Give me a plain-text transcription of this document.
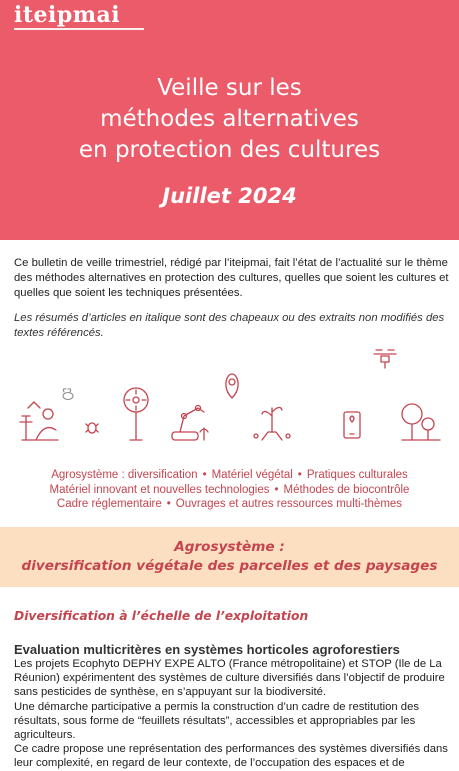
iteipmai
Veille sur les
méthodes alternatives
en protection des cultures
Juillet 2024
Ce bulletin de veille trimestriel, rédigé par l’iteipmai, fait l’état de l’actualité sur le thème des méthodes alternatives en protection des cultures, quelles que soient les cultures et quelles que soient les techniques présentées.
Les résumés d’articles en italique sont des chapeaux ou des extraits non modifiés des textes référencés.
Agrosystème : diversification • Matériel végétal • Pratiques culturales
Matériel innovant et nouvelles technologies • Méthodes de biocontrôle
Cadre réglementaire • Ouvrages et autres ressources multi-thèmes
Agrosystème :
diversification végétale des parcelles et des paysages
Diversification à l’échelle de l’exploitation
Evaluation multicritères en systèmes horticoles agroforestiers

Les projets Ecophyto DEPHY EXPE ALTO (France métropolitaine) et STOP (Ile de La Réunion) expérimentent des systèmes de culture diversifiés dans l’objectif de produire sans pesticides de synthèse, en s’appuyant sur la biodiversité.

Une démarche participative a permis la construction d’un cadre de restitution des résultats, sous forme de “feuillets résultats”, accessibles et appropriables par les agriculteurs.

Ce cadre propose une représentation des performances des systèmes diversifiés dans leur complexité, en regard de leur contexte, de l’occupation des espaces et de
